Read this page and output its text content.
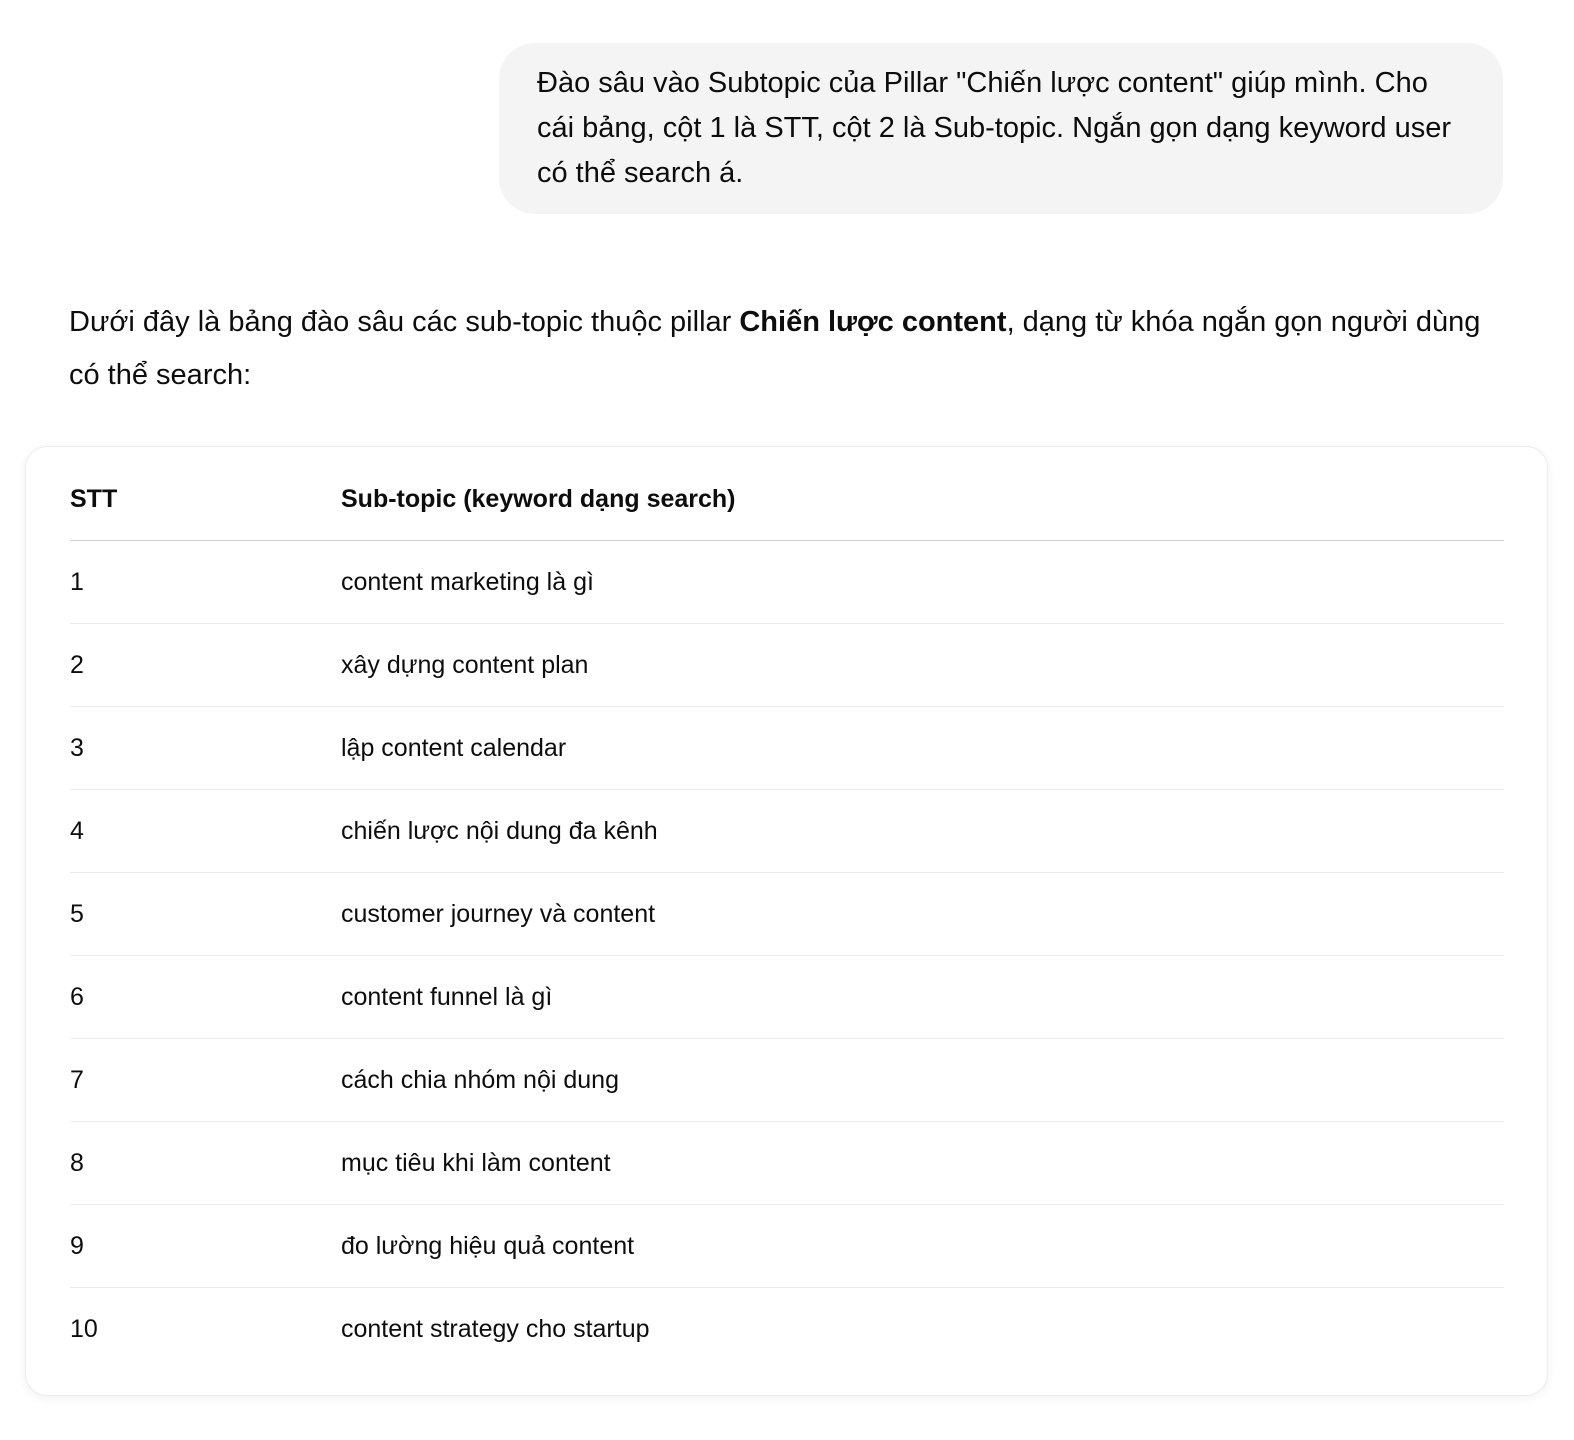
Đào sâu vào Subtopic của Pillar "Chiến lược content" giúp mình. Cho cái bảng, cột 1 là STT, cột 2 là Sub-topic. Ngắn gọn dạng keyword user có thể search á.
Dưới đây là bảng đào sâu các sub-topic thuộc pillar Chiến lược content, dạng từ khóa ngắn gọn người dùng có thể search:
STT	Sub-topic (keyword dạng search)
1	content marketing là gì
2	xây dựng content plan
3	lập content calendar
4	chiến lược nội dung đa kênh
5	customer journey và content
6	content funnel là gì
7	cách chia nhóm nội dung
8	mục tiêu khi làm content
9	đo lường hiệu quả content
10	content strategy cho startup
